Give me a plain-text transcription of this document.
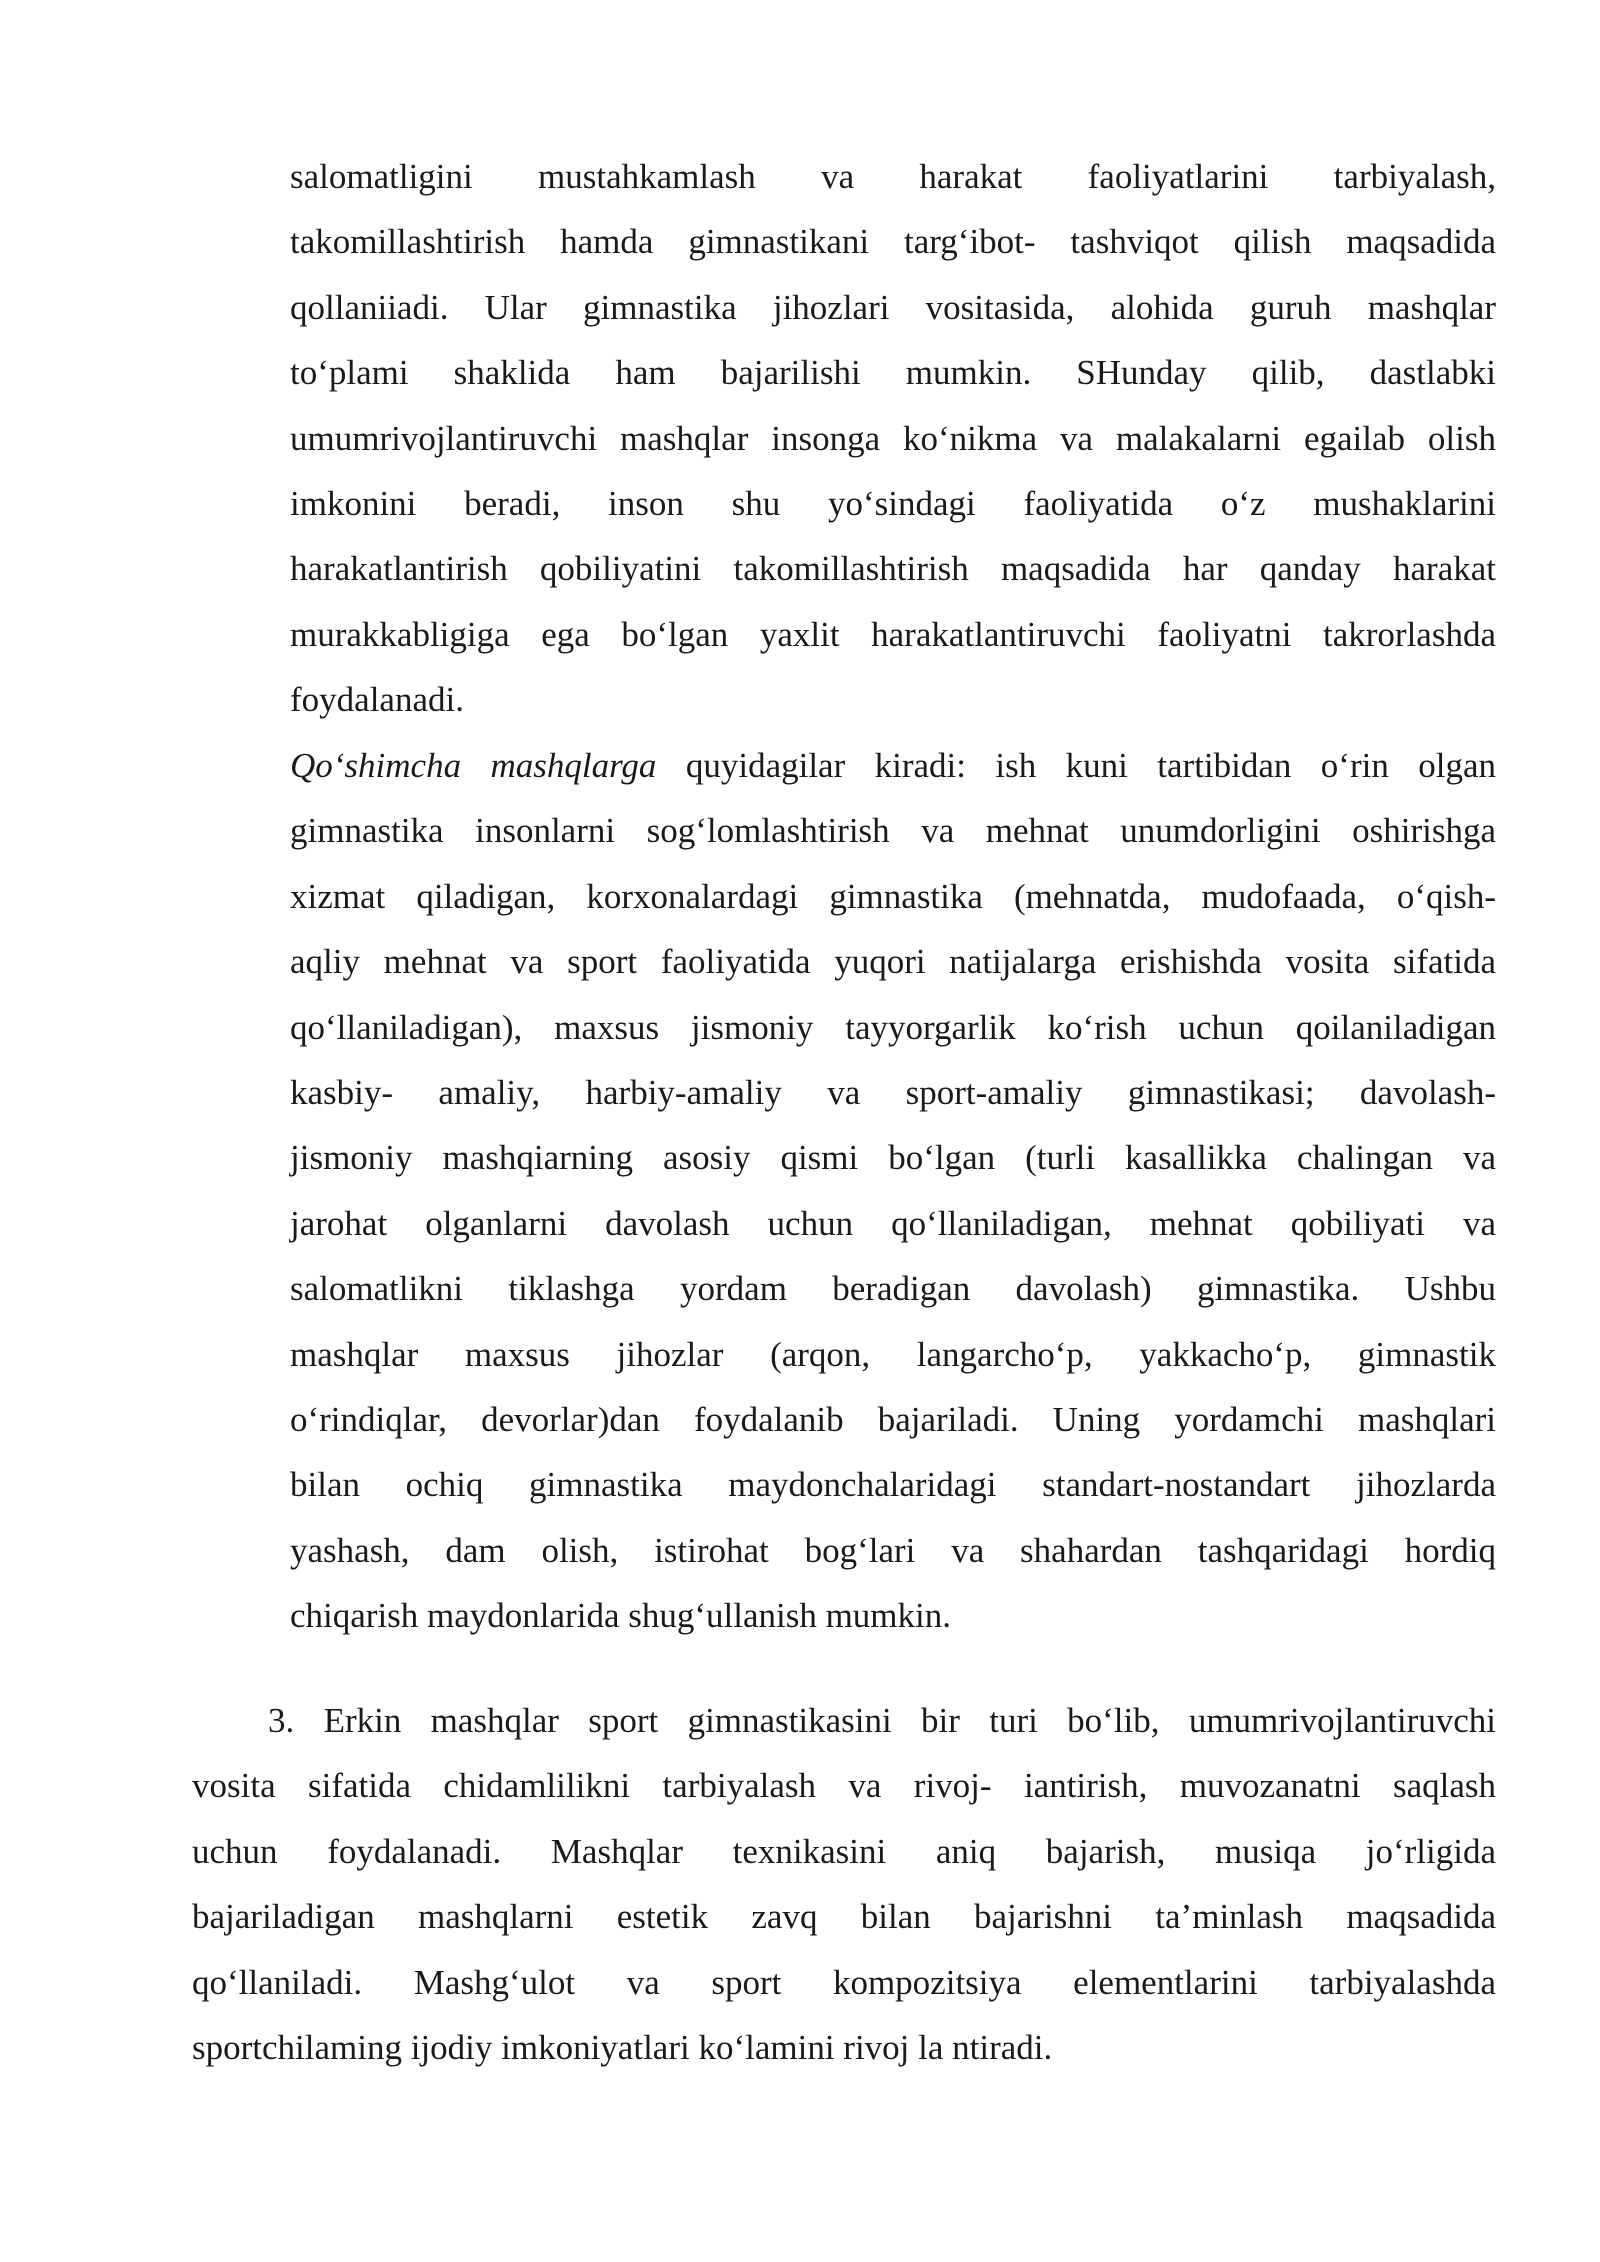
salomatligini mustahkamlash va harakat faoliyatlarini tarbiyalash,
takomillashtirish hamda gimnastikani targ‘ibot- tashviqot qilish maqsadida
qollaniiadi. Ular gimnastika jihozlari vositasida, alohida guruh mashqlar
to‘plami shaklida ham bajarilishi mumkin. SHunday qilib, dastlabki
umumrivojlantiruvchi mashqlar insonga ko‘nikma va malakalarni egailab olish
imkonini beradi, inson shu yo‘sindagi faoliyatida o‘z mushaklarini
harakatlantirish qobiliyatini takomillashtirish maqsadida har qanday harakat
murakkabligiga ega bo‘lgan yaxlit harakatlantiruvchi faoliyatni takrorlashda
foydalanadi.
Qo‘shimcha mashqlarga quyidagilar kiradi: ish kuni tartibidan o‘rin olgan
gimnastika insonlarni sog‘lomlashtirish va mehnat unumdorligini oshirishga
xizmat qiladigan, korxonalardagi gimnastika (mehnatda, mudofaada, o‘qish-
aqliy mehnat va sport faoliyatida yuqori natijalarga erishishda vosita sifatida
qo‘llaniladigan), maxsus jismoniy tayyorgarlik ko‘rish uchun qoilaniladigan
kasbiy- amaliy, harbiy-amaliy va sport-amaliy gimnastikasi; davolash-
jismoniy mashqiarning asosiy qismi bo‘lgan (turli kasallikka chalingan va
jarohat olganlarni davolash uchun qo‘llaniladigan, mehnat qobiliyati va
salomatlikni tiklashga yordam beradigan davolash) gimnastika. Ushbu
mashqlar maxsus jihozlar (arqon, langarcho‘p, yakkacho‘p, gimnastik
o‘rindiqlar, devorlar)dan foydalanib bajariladi. Uning yordamchi mashqlari
bilan ochiq gimnastika maydonchalaridagi standart-nostandart jihozlarda
yashash, dam olish, istirohat bog‘lari va shahardan tashqaridagi hordiq
chiqarish maydonlarida shug‘ullanish mumkin.
3. Erkin mashqlar sport gimnastikasini bir turi bo‘lib, umumrivojlantiruvchi
vosita sifatida chidamlilikni tarbiyalash va rivoj- iantirish, muvozanatni saqlash
uchun foydalanadi. Mashqlar texnikasini aniq bajarish, musiqa jo‘rligida
bajariladigan mashqlarni estetik zavq bilan bajarishni ta’minlash maqsadida
qo‘llaniladi. Mashg‘ulot va sport kompozitsiya elementlarini tarbiyalashda
sportchilaming ijodiy imkoniyatlari ko‘lamini rivoj la ntiradi.
